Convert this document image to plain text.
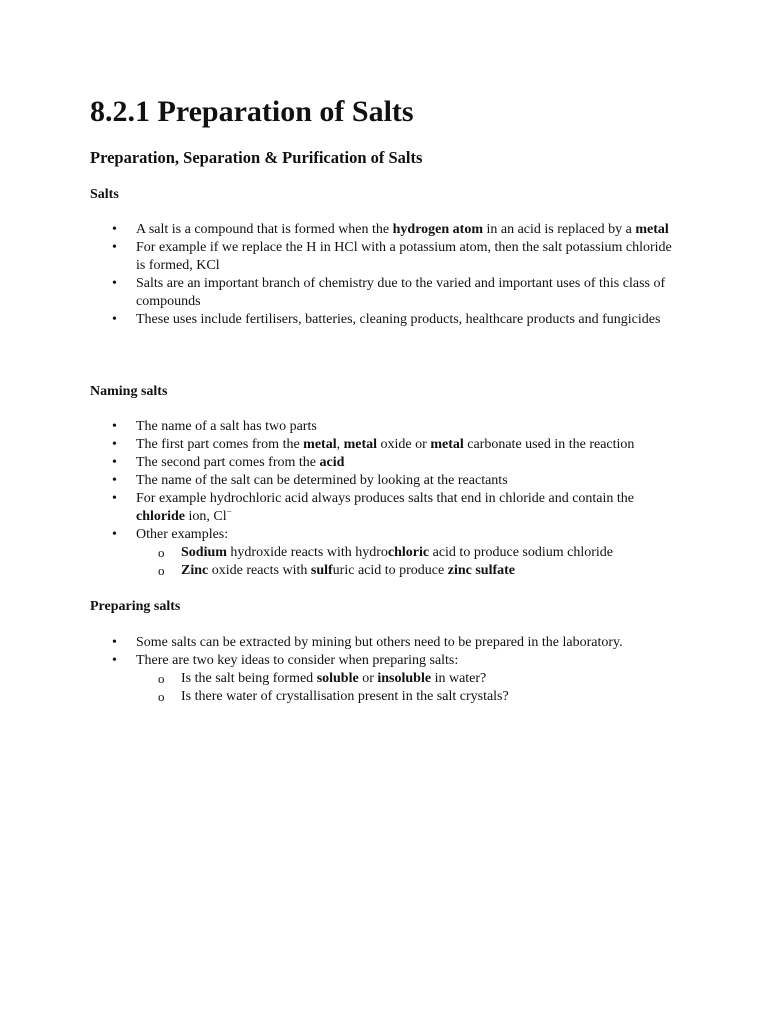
8.2.1 Preparation of Salts
Preparation, Separation & Purification of Salts
Salts
• A salt is a compound that is formed when the hydrogen atom in an acid is replaced by a metal
• For example if we replace the H in HCl with a potassium atom, then the salt potassium chloride is formed, KCl
• Salts are an important branch of chemistry due to the varied and important uses of this class of compounds
• These uses include fertilisers, batteries, cleaning products, healthcare products and fungicides
Naming salts
• The name of a salt has two parts
• The first part comes from the metal, metal oxide or metal carbonate used in the reaction
• The second part comes from the acid
• The name of the salt can be determined by looking at the reactants
• For example hydrochloric acid always produces salts that end in chloride and contain the chloride ion, Cl−
• Other examples:
o Sodium hydroxide reacts with hydrochloric acid to produce sodium chloride
o Zinc oxide reacts with sulfuric acid to produce zinc sulfate
Preparing salts
• Some salts can be extracted by mining but others need to be prepared in the laboratory.
• There are two key ideas to consider when preparing salts:
o Is the salt being formed soluble or insoluble in water?
o Is there water of crystallisation present in the salt crystals?
